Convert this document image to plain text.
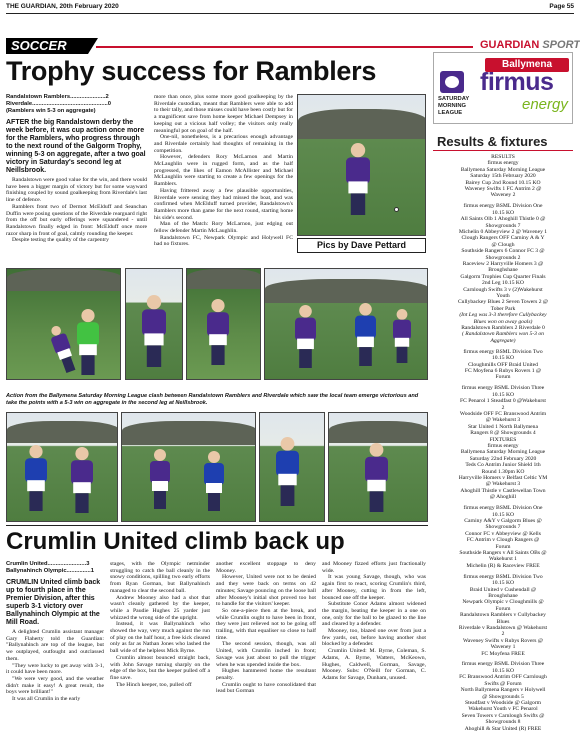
THE GUARDIAN, 20th February 2020	Page 55
SOCCER	GUARDIAN SPORT
Trophy success for Ramblers
Randalstown Ramblers......................2
Riverdale...............................................0
(Ramblers win 5-3 on aggregate)
AFTER the big Randalstown derby the week before, it was cup action once more for the Ramblers, who progress through to the next round of the Galgorm Trophy, winning 5-3 on aggregate, after a two goal victory in Saturday's second leg at Neillsbrook.

Randalstown were good value for the win, and there would have been a bigger margin of victory but for some wayward finishing coupled by sound goalkeeping from Riverdale's last line of defence.

Ramblers front two of Dermot McElduff and Seanchan Duffin were posing questions of the Riverdale rearguard right from the off but early offerings were squandered - until Randalstown finally edged in front: McElduff once more razor sharp in front of goal, calmly rounding the keeper.

Despite testing the quality of the carpentry

more than once, plus some more good goalkeeping by the Riverdale custodian, meant that Ramblers were able to add to their tally, and those misses could have been costly but for a magnificent save from home keeper Michael Dempsey in keeping out a vicious half volley; the visitors only really meaningful pot on goal of the half.

One-nil, nonetheless, is a precarious enough advantage and Riverdale certainly had thoughts of remaining in the competition.

However, defenders Rory McLarnon and Martin McLaughlin were in rugged form, and as the half progressed, the likes of Eamon McAllister and Michael McLaughlin were starting to create a few openings for the Ramblers.

Having frittered away a few plausible opportunities, Riverdale were sensing they had missed the boat, and was confirmed when McElduff turned provider, Randalstown's Ramblers more than game for the next round, starting home his side's second.

Man of the Match: Rory McLarnon, just edging out fellow defender Martin McLaughlin.

Randalstown FC, Newpark Olympic and Holywell FC had no fixtures.	Pics by Dave Pettard
Action from the Ballymena Saturday Morning League clash between Randalstown Ramblers and Riverdale which saw the local team emerge victorious and take the points with a 5-3 win on aggregate in the second leg at Neillsbrook.
Crumlin United climb back up
Crumlin United........................3
Ballynahinch Olympic...............1
CRUMLIN United climb back up to fourth place in the Premier Division, after this superb 3-1 victory over Ballynahinch Olympic at the Mill Road.

A delighted Crumlin assistant manager Gary Flaherty told the Guardian: "Ballynahinch are top of the league, but we outplayed, outfought and outclassed them.

"They were lucky to get away with 3-1, it could have been more.

"We were very good, and the weather didn't make it easy! A great result, the boys were brilliant!"

It was all Crumlin in the early

stages, with the Olympic netminder struggling to catch the ball cleanly in the snowy conditions, spilling two early efforts from Ryan Gorman, but Ballynahinch managed to clear the second ball.

Andrew Mooney also had a shot that wasn't cleanly gathered by the keeper, while a Paudie Hughes 25 yarder just whizzed the wrong side of the upright.

Instead, it was Ballynahinch who showed the way, very much against the run of play on the half hour, a free kick cleared only as far as Nathan Jones who lashed the ball wide of the helpless Mick Byrne.

Crumlin almost bounced straight back, with John Savage turning sharply on the edge of the box, but the keeper pulled off a fine save.

The Hinch keeper, too, pulled off

another excellent stoppage to deny Mooney.

However, United were not to be denied and they were back on terms on 42 minutes; Savage pouncing on the loose ball after Mooney's initial shot proved too hot to handle for the visitors' keeper.

So one-a-piece then at the break, and while Crumlin ought to have been in front, they were just relieved not to be going off trailing, with that equaliser so close to half time.

The second session, though, was all United, with Crumlin inched in front; Savage was just about to pull the trigger when he was upended inside the box.

Hughes hammered home the resultant penalty.

Crumlin ought to have consolidated that lead but Gorman

and Mooney fizzed efforts just fractionally wide.

It was young Savage, though, who was again first to react, scoring Crumlin's third, after Mooney, cutting in from the left, bounced one off the keeper.

Substitute Conor Adams almost widened the margin, beating the keeper in a one on one, only for the ball to be glazed to the line and cleared by a defender.

Mooney, too, blazed one over from just a few yards, out, before having another shot blocked by a defender.

Crumlin United: M. Byrne, Coleman, S. Adams, A. Byrne, Watters, McKeown, Hughes, Caldwell, Gorman, Savage, Mooney. Subs: O'Neill for Gorman, C. Adams for Savage, Dunham, unused.

Ballymena
firmus
energy
SATURDAY MORNING LEAGUE
Results & fixtures
RESULTS
firmus energy
Ballymena Saturday Morning League
Saturday 15th February 2020
Bairey Cup 2nd Round 10.15 KO
Waveney Swifts 1 FC Antrim 2 @
Waveney 2
firmus energy BSML Division One
10.15 KO
All Saints Olb 1 Ahoghill Thistle 0 @
Showgrounds 7
Michelin 0 Abbeyview 2 @ Waveney 1
Clough Rangers OFF Carniny A & Y
@ Clough
Southside Rangers 6 Connor FC 3 @
Showgrounds 2
Raceview 2 Harryville Homers 3 @
Broughshane
Galgorm Trophies Cup Quarter Finals
2nd Leg 10.15 KO
Carnlough Swifts 3 v (2)Wakehurst
Youth
Cullybackey Blues 2 Seven Towers 2 @
Tober Park
(Int Leg was 3-3 therefore Cullybackey
Blues won on away goals)
Randalstown Ramblers 2 Riverdale 0
( Randalstown Ramblers won 5-3 on
Aggregate)
firmus energy BSML Division Two
10.15 KO
Cloughmills OFF Braid United
FC Moyfena 6 Rubys Rovers 1 @
Forum
firmus energy BSML Division Three
10.15 KO
FC Penarol 1 Steadfast 0 @Wakehurst
2
Woodside OFF FC Branswood Antrim
@ Wakehurst 3
Star United 1 North Ballymena
Rangers 8 @ Showgrounds 4
FIXTURES
firmus energy
Ballymena Saturday Morning League
Saturday 22nd February 2020
Teds Co Antrim Junior Shield 1th
Round 1.30pm KO
Harryville Homers v Belfast Celtic YM
@ Wakehurst 3
Ahoghill Thistle v Castlewellan Town
@ Ahoghill
firmus energy BSML Division One
10.15 KO
Carniny A&Y v Galgorm Blues @
Showgrounds 7
Connor FC v Abbeyview @ Kells
FC Antrim v Clough Rangers @
Forum
Southside Rangers v All Saints OBs @
Wakehurst 1
Michelin (R) & Raceview FREE
firmus energy BSML Division Two
10.15 KO
Braid United v Cushendall @
Broughshane
Newpark Olympic v Cloughmills @
Forum
Randalstown Ramblers v Cullybackey
Blues
Riverdale v Randalstown @ Wakehurst
2
Waveney Swifts v Rubys Rovers @
Waveney 1
FC Moyfena FREE
firmus energy BSML Division Three
10.15 KO
FC Branswood Antrim OFF Carnlough
Swifts @ Forum
North Ballymena Rangers v Holywell
@ Showgrounds 5
Steadfast v Woodside @ Galgorm
Wakehurst Youth v FC Penarol
Seven Towers v Carnlough Swifts @
Showgrounds 8
Ahoghill & Star United (R) FREE
